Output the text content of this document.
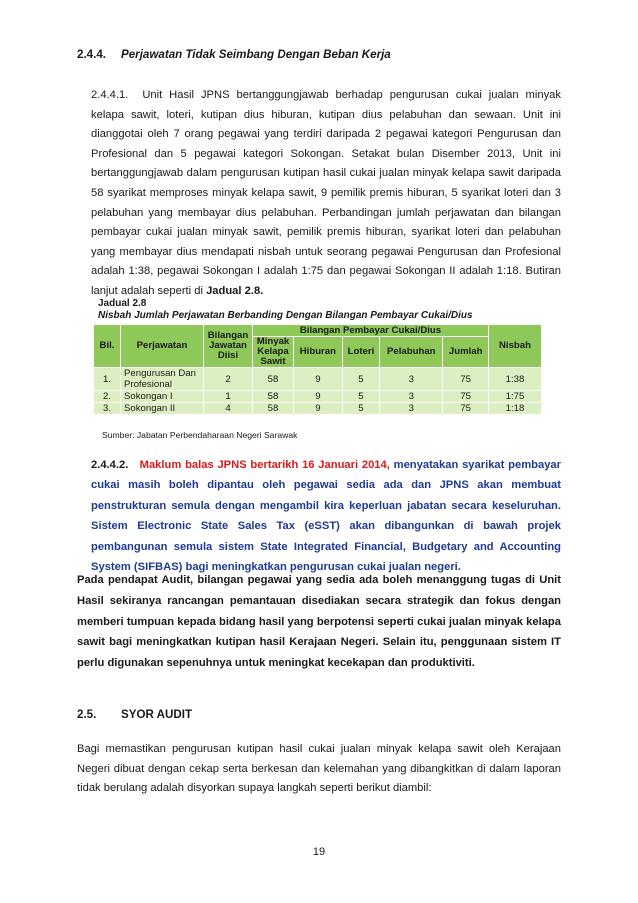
2.4.4. Perjawatan Tidak Seimbang Dengan Beban Kerja
2.4.4.1. Unit Hasil JPNS bertanggungjawab berhadap pengurusan cukai jualan minyak kelapa sawit, loteri, kutipan dius hiburan, kutipan dius pelabuhan dan sewaan. Unit ini dianggotai oleh 7 orang pegawai yang terdiri daripada 2 pegawai kategori Pengurusan dan Profesional dan 5 pegawai kategori Sokongan. Setakat bulan Disember 2013, Unit ini bertanggungjawab dalam pengurusan kutipan hasil cukai jualan minyak kelapa sawit daripada 58 syarikat memproses minyak kelapa sawit, 9 pemilik premis hiburan, 5 syarikat loteri dan 3 pelabuhan yang membayar dius pelabuhan. Perbandingan jumlah perjawatan dan bilangan pembayar cukai jualan minyak sawit, pemilik premis hiburan, syarikat loteri dan pelabuhan yang membayar dius mendapati nisbah untuk seorang pegawai Pengurusan dan Profesional adalah 1:38, pegawai Sokongan I adalah 1:75 dan pegawai Sokongan II adalah 1:18. Butiran lanjut adalah seperti di Jadual 2.8.
Jadual 2.8
Nisbah Jumlah Perjawatan Berbanding Dengan Bilangan Pembayar Cukai/Dius
Bil.	Perjawatan	Bilangan Jawatan Diisi	Bilangan Pembayar Cukai/Dius					Nisbah
			Minyak Kelapa Sawit	Hiburan	Loteri	Pelabuhan	Jumlah	
1.	Pengurusan Dan Profesional	2	58	9	5	3	75	1:38
2.	Sokongan I	1	58	9	5	3	75	1:75
3.	Sokongan II	4	58	9	5	3	75	1:18
Sumber: Jabatan Perbendaharaan Negeri Sarawak
2.4.4.2. Maklum balas JPNS bertarikh 16 Januari 2014, menyatakan syarikat pembayar cukai masih boleh dipantau oleh pegawai sedia ada dan JPNS akan membuat penstrukturan semula dengan mengambil kira keperluan jabatan secara keseluruhan. Sistem Electronic State Sales Tax (eSST) akan dibangunkan di bawah projek pembangunan semula sistem State Integrated Financial, Budgetary and Accounting System (SIFBAS) bagi meningkatkan pengurusan cukai jualan negeri.
Pada pendapat Audit, bilangan pegawai yang sedia ada boleh menanggung tugas di Unit Hasil sekiranya rancangan pemantauan disediakan secara strategik dan fokus dengan memberi tumpuan kepada bidang hasil yang berpotensi seperti cukai jualan minyak kelapa sawit bagi meningkatkan kutipan hasil Kerajaan Negeri. Selain itu, penggunaan sistem IT perlu digunakan sepenuhnya untuk meningkat kecekapan dan produktiviti.
2.5. SYOR AUDIT
Bagi memastikan pengurusan kutipan hasil cukai jualan minyak kelapa sawit oleh Kerajaan Negeri dibuat dengan cekap serta berkesan dan kelemahan yang dibangkitkan di dalam laporan tidak berulang adalah disyorkan supaya langkah seperti berikut diambil:
19
